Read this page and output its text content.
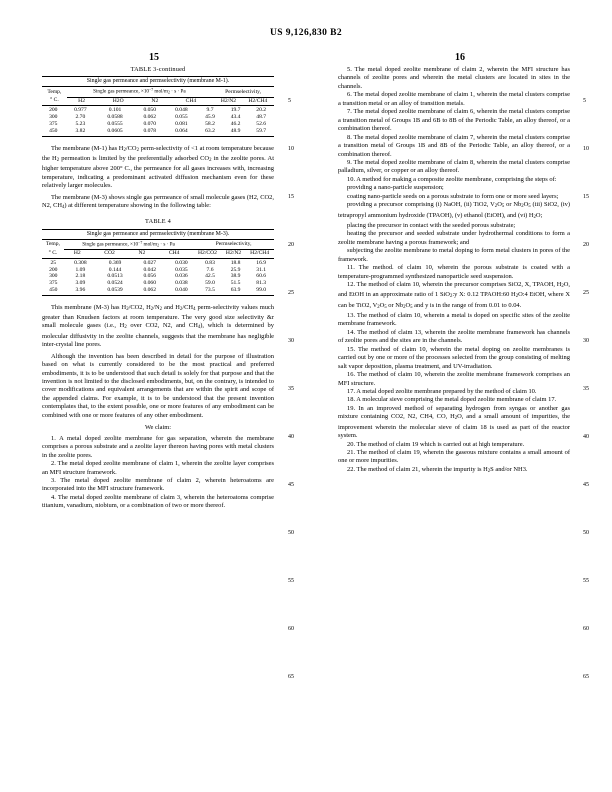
US 9,126,830 B2
15	16
5
10
15
20
25
30
35
40
45
50
55
60
65
5
10
15
20
25
30
35
40
45
50
55
60
65
TABLE 3-continued
Single gas permeance and permselectivity (membrane M-1).
Temp,	Single gas permeance, $\times 10^{-7}$ mol/$m_2 \cdot s \cdot Pa$				Permselectivity,		
° C.	H2	H2O	N2	CH4		H2/N2	H2/CH4
200	0.977	0.101	0.050	0.048	9.7	19.7	20.2
300	2.70	0.0588	0.062	0.055	45.9	43.4	48.7
375	5.23	0.0555	0.070	0.081	58.2	46.2	52.6
450	3.82	0.0605	0.078	0.064	63.2	48.9	59.7

The membrane (M-1) has $H_2/CO_2$ perm-selectivity of <1 at room temperature because the $H_2$ permeation is limited by the preferentially adsorbed $CO_2$ in the zeolite pores. At higher temperature above 200° C., the permeance for all gases increases with, increasing temperature, indicating a predominant activated diffusion mechanism even for these relatively larger molecules.

The membrane (M-3) shows single gas permeance of small molecule gases (H2, CO2, N2, $CH_4$) at different temperature showing in the following table:

TABLE 4
Single gas permeance and permselectivity (membrane M-3).
Temp,	Single gas permeance, $\times 10^{-7}$ mol/$m_2 \cdot s \cdot Pa$				Permselectivity,		
° C.	H2	CO2	N2	CH4	H2/CO2	H2/N2	H2/CH4
25	0.308	0.369	0.027	0.030	0.83	18.8	16.9
200	1.09	0.144	0.042	0.035	7.6	25.9	31.1
300	2.18	0.0513	0.056	0.036	42.5	38.9	60.6
375	3.09	0.0524	0.060	0.038	59.0	51.5	81.3
450	3.96	0.0539	0.062	0.040	73.5	63.9	99.0

This membrane (M-3) has $H_2/CO2$, $H_2/N_2$ and $H_2/CH_4$ perm-selectivity values much greater than Knudsen factors at room temperature. The very good size selectivity &r small molecule gases (i.e., $H_2$ over CO2, N2, and $CH_4$), which is determined by molecular diffusivity in the zeolite channels, suggests that the membrane has negligible inter-crystal line pores.

Although the invention has been described in detail for the purpose of illustration based on what is currently considered to be the most practical and preferred embodiments, it is to be understood that such detail is solely for that purpose and that the invention is not limited to the disclosed embodiments, but, on the contrary, is intended to cover modifications and equivalent arrangements that are within the spirit and scope of the appended claims. For example, it is to be understood that the present invention contemplates that, to the extent possible, one or more features of any embodiment can be combined with one or more features of any other embodiment.

We claim:

1. A metal doped zeolite membrane for gas separation, wherein the membrane comprises a porous substrate and a zeolite layer thereon having pores with metal clusters in the zeolite pores.

2. The metal doped zeolite membrane of claim 1, wherein the zeolite layer comprises an MFI structure framework.

3. The metal doped zeolite membrane of claim 2, wherein heteroatoms are incorporated into the MFI structure framework.

4. The metal doped zeolite membrane of claim 3, wherein the heteroatoms comprise titanium, vanadium, niobium, or a combination of two or more thereof.

5. The metal doped zeolite membrane of claim 2, wherein the MFI structure has channels of zeolite pores and wherein the metal clusters are located in sites in the channels.

6. The metal doped zeolite membrane of claim 1, wherein the metal clusters comprise a transition metal or an alloy of transition metals.

7. The metal doped zeolite membrane of claim 6, wherein the metal clusters comprise a transition metal of Groups 1B and 6B to 8B of the Periodic Table, an alloy thereof, or a combination thereof.

8. The metal doped zeolite membrane of claim 7, wherein the metal clusters comprise a transition metal of Groups 1B and 8B of the Periodic Table, an alloy thereof, or a combination thereof.

9. The metal doped zeolite membrane of claim 8, wherein the metal clusters comprise palladium, silver, or copper or an alloy thereof.

10. A method for making a composite zeolite membrane, comprising the steps of:

providing a nano-particle suspension;

coating nano-particle seeds on a porous substrate to form one or more seed layers;

providing a precursor comprising (i) NaOH, (ii) TiO2, $V_2O_5$ or $Nb_2O_5$ (iii) SiO2, (iv) tetrapropyl ammonium hydroxide (TPAOH), (v) ethanol (EtOH), and (vi) $H_2O$;

placing the precursor in contact with the seeded porous substrate;

heating the precursor and seeded substrate under hydrothermal conditions to form a zeolite membrane having a porous framework; and

subjecting the zeolite membrane to metal doping to form metal clusters in pores of the framework.

11. The method. of claim 10, wherein the porous substrate is coated with a temperature-programmed synthesized nanoparticle seed suspension.

12. The method of claim 10, wherein the precursor comprises SiO2, X, TPAOH, $H_2O$, and EtOH in an approximate ratio of 1 SiO$_2$:y X: 0.12 TPAOH:60 $H_2O:4$ EtOH, where X can be TiO2, $V_2O_5$ or $Nb_2O_5$ and y is in the range of from 0.01 to 0.04.

13. The method of claim 10, wherein a metal is doped on specific sites of the zeolite membrane framework.

14. The method of claim 13, wherein the zeolite membrane framework has channels of zeolite pores and the sites are in the channels.

15. The method of claim 10, wherein the metal doping on zeolite membranes is carried out by one or more of the processes selected from the group consisting of melting salt vapor deposition, plasma treatment, and UV-irradiation.

16. The method of claim 10, wherein the zeolite membrane framework comprises an MFI structure.

17. A metal doped zeolite membrane prepared by the method of claim 10.

18. A molecular sieve comprising the metal doped zeolite membrane of claim 17.

19. In an improved method of separating hydrogen from syngas or another gas mixture containing CO2, N2, CH4, CO, $H_2O$, and a small amount of impurities, the improvement wherein the molecular sieve of claim 18 is used as part of the reactor system.

20. The method of claim 19 which is carried out at high temperature.

21. The method of claim 19, wherein the gaseous mixture contains a small amount of one or more impurities.

22. The method of claim 21, wherein the impurity is $H_2S$ and/or NH3.
